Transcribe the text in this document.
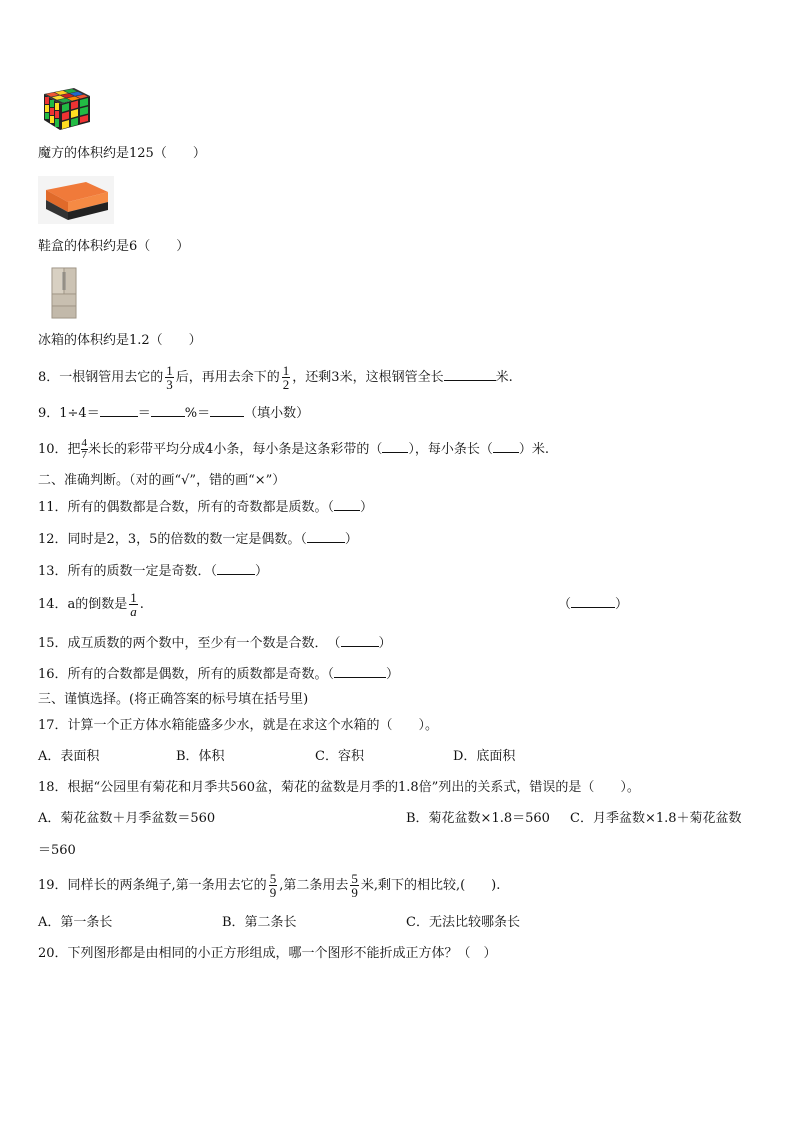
魔方的体积约是125（　　）
鞋盒的体积约是6（　　）
冰箱的体积约是1.2（　　）
8．一根钢管用去它的 $\frac{1}{3}$ 后，再用去余下的 $\frac{1}{2}$ ，还剩3米，这根钢管全长	米.
9．1÷4＝	＝	%＝	（填小数）
10．把 $\frac{4}{7}$ 米长的彩带平均分成4小条，每小条是这条彩带的（ ），每小条长（ ）米.
二、准确判断。（对的画“√”，错的画“×”）
11．所有的偶数都是合数，所有的奇数都是质数。（ ）
12．同时是2，3，5的倍数的数一定是偶数。（	）
13．所有的质数一定是奇数．（	）
14．a的倒数是 $\frac{1}{a}$ .	（	）
15．成互质数的两个数中，至少有一个数是合数．　（	）
16．所有的合数都是偶数，所有的质数都是奇数。（	）
三、谨慎选择。(将正确答案的标号填在括号里)
17．计算一个正方体水箱能盛多少水，就是在求这个水箱的（　　）。
A．表面积	B．体积	C．容积	D．底面积
18．根据“公园里有菊花和月季共560盆，菊花的盆数是月季的1.8倍”列出的关系式，错误的是（　　）。
A．菊花盆数＋月季盆数＝560	B．菊花盆数×1.8＝560 C．月季盆数×1.8＋菊花盆数
＝560
19．同样长的两条绳子,第一条用去它的 $\frac{5}{9}$ ,第二条用去 $\frac{5}{9}$ 米,剩下的相比较,(　　).
A．第一条长	B．第二条长	C．无法比较哪条长
20．下列图形都是由相同的小正方形组成，哪一个图形不能折成正方体？（　）
